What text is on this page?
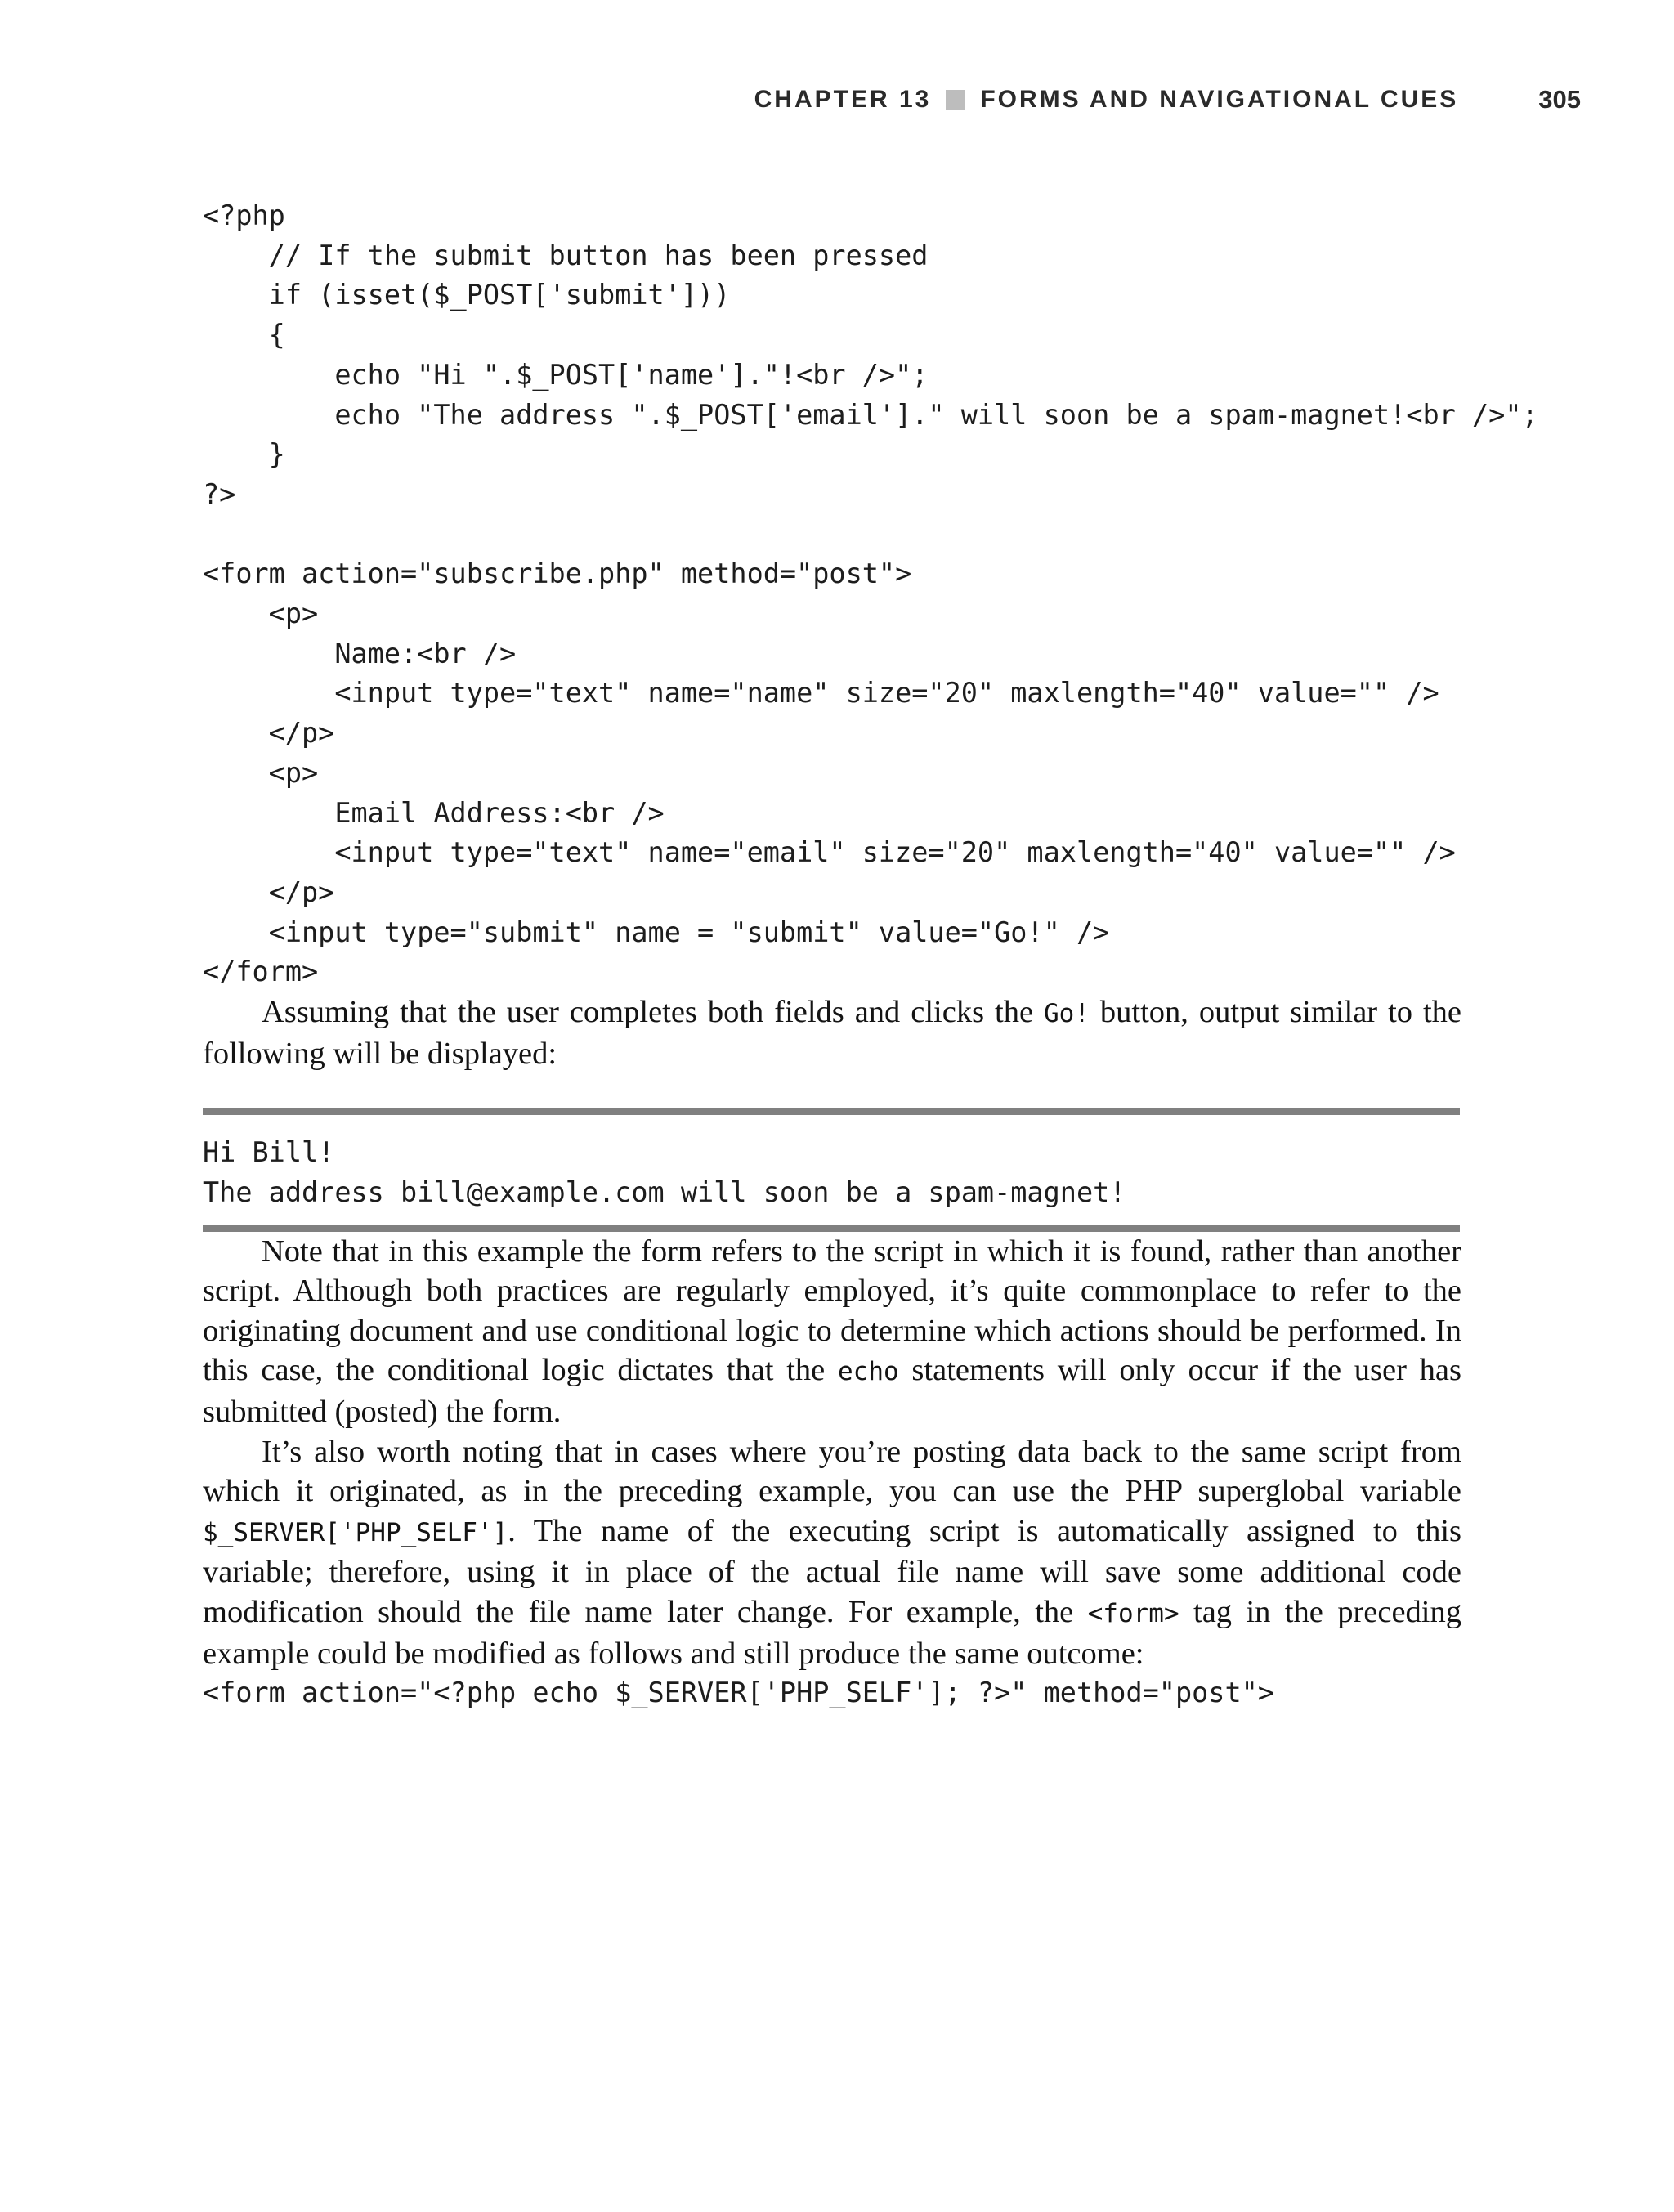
CHAPTER 13 FORMS AND NAVIGATIONAL CUES	305
<?php
// If the submit button has been pressed
if (isset($_POST['submit']))
{
echo "Hi ".$_POST['name']."!<br />";
echo "The address ".$_POST['email']." will soon be a spam-magnet!<br />";
}
?>

<form action="subscribe.php" method="post">
<p>
Name:<br />
<input type="text" name="name" size="20" maxlength="40" value="" />
</p>
<p>
Email Address:<br />
<input type="text" name="email" size="20" maxlength="40" value="" />
</p>
<input type="submit" name = "submit" value="Go!" />
</form>

Assuming that the user completes both fields and clicks the Go! button, output similar to the following will be displayed:

Hi Bill!
The address bill@example.com will soon be a spam-magnet!

Note that in this example the form refers to the script in which it is found, rather than another script. Although both practices are regularly employed, it’s quite commonplace to refer to the originating document and use conditional logic to determine which actions should be performed. In this case, the conditional logic dictates that the echo statements will only occur if the user has submitted (posted) the form.

It’s also worth noting that in cases where you’re posting data back to the same script from which it originated, as in the preceding example, you can use the PHP superglobal variable $_SERVER['PHP_SELF']. The name of the executing script is automatically assigned to this variable; therefore, using it in place of the actual file name will save some additional code modification should the file name later change. For example, the <form> tag in the preceding example could be modified as follows and still produce the same outcome:

<form action="<?php echo $_SERVER['PHP_SELF']; ?>" method="post">
